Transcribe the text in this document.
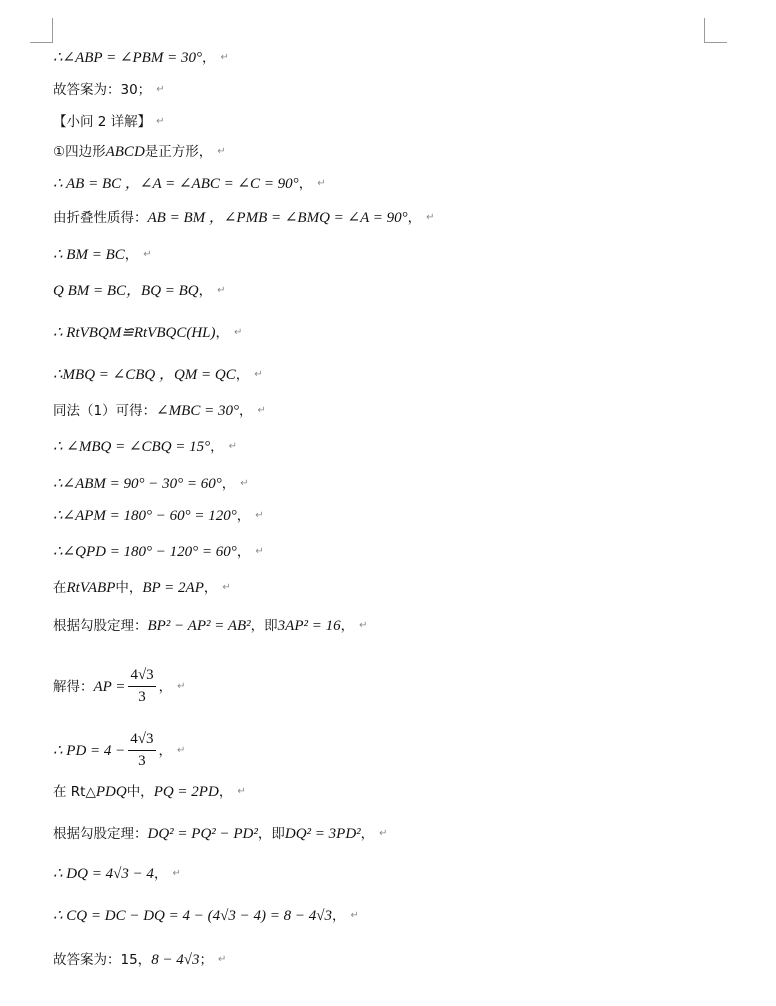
∴∠ABP = ∠PBM = 30° ， ↵
故答案为：30； ↵
【小问 2 详解】 ↵
①四边形 ABCD 是正方形， ↵
∴ AB = BC ，∠A = ∠ABC = ∠C = 90° ， ↵
由折叠性质得： AB = BM ，∠PMB = ∠BMQ = ∠A = 90° ， ↵
∴ BM = BC ， ↵
Q BM = BC，BQ = BQ ， ↵
∴ RtVBQM≌RtVBQC(HL) ， ↵
∴MBQ = ∠CBQ ，QM = QC ， ↵
同法（1）可得： ∠MBC = 30° ， ↵
∴ ∠MBQ = ∠CBQ = 15° ， ↵
∴∠ABM = 90° − 30° = 60° ， ↵
∴∠APM = 180° − 60° = 120° ， ↵
∴∠QPD = 180° − 120° = 60° ， ↵
在 RtVABP 中， BP = 2AP ， ↵
根据勾股定理： BP² − AP² = AB² ，即 3AP² = 16 ， ↵
解得： AP = $\frac{4√3}{3}$ ， ↵
∴ PD = $4 - \frac{4√3}{3}$ ， ↵
在 Rt△ PDQ 中， PQ = 2PD ， ↵
根据勾股定理： DQ² = PQ² − PD² ，即 DQ² = 3PD² ， ↵
∴ DQ = 4√3 − 4 ， ↵
∴ CQ = DC − DQ = 4 − (4√3 − 4) = 8 − 4√3 ， ↵
故答案为：15， 8 − 4√3 ； ↵
